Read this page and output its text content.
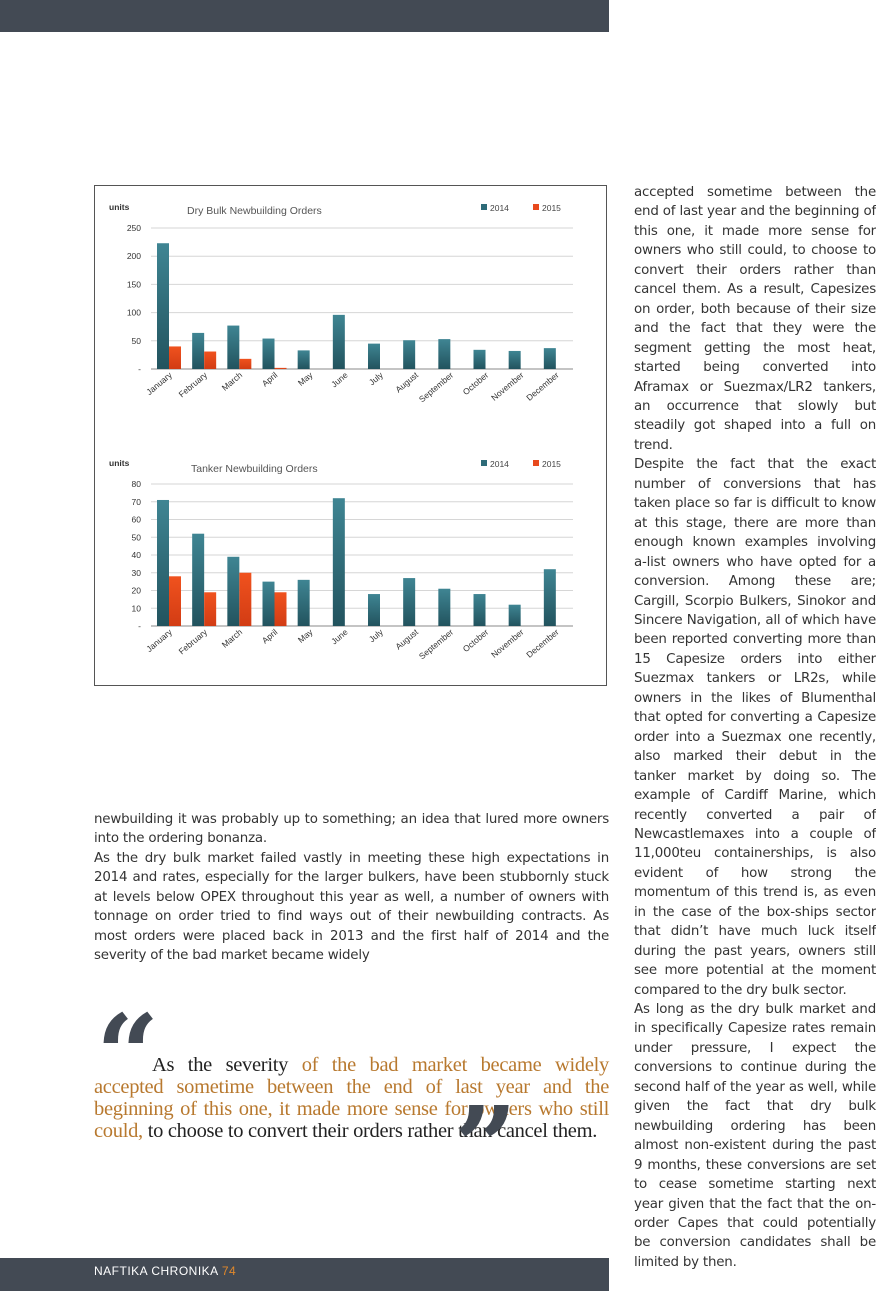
units	Dry Bulk Newbuilding Orders	2014	2015
-
50
100
150
200
250
January February March April May June July August
September October
November
December
units	Tanker Newbuilding Orders	2014	2015
-
10
20
30
40
50
60
70
80
January February March April May June July August
September October
November
December

accepted sometime between the end of last year and the beginning of this one, it made more sense for owners who still could, to choose to convert their orders rather than cancel them. As a result, Capesizes on order, both because of their size and the fact that they were the segment getting the most heat, started being converted into Aframax or Suezmax/LR2 tankers, an occurrence that slowly but steadily got shaped into a full on trend.

Despite the fact that the exact number of conversions that has taken place so far is difficult to know at this stage, there are more than enough known examples involving a-list owners who have opted for a conversion. Among these are; Cargill, Scorpio Bulkers, Sinokor and Sincere Navigation, all of which have been reported converting more than 15 Capesize orders into either Suezmax tankers or LR2s, while owners in the likes of Blumenthal that opted for converting a Capesize order into a Suezmax one recently, also marked their debut in the tanker market by doing so. The example of Cardiff Marine, which recently converted a pair of Newcastlemaxes into a couple of 11,000teu containerships, is also evident of how strong the momentum of this trend is, as even in the case of the box-ships sector that didn’t have much luck itself during the past years, owners still see more potential at the moment compared to the dry bulk sector.

As long as the dry bulk market and in specifically Capesize rates remain under pressure, I expect the conversions to continue during the second half of the year as well, while given the fact that dry bulk newbuilding ordering has been almost non-existent during the past 9 months, these conversions are set to cease sometime starting next year given that the fact that the on-order Capes that could potentially be conversion candidates shall be limited by then.

newbuilding it was probably up to something; an idea that lured more owners into the ordering bonanza.

As the dry bulk market failed vastly in meeting these high expectations in 2014 and rates, especially for the larger bulkers, have been stubbornly stuck at levels below OPEX throughout this year as well, a number of owners with tonnage on order tried to find ways out of their newbuilding contracts. As most orders were placed back in 2013 and the first half of 2014 and the severity of the bad market became widely

“
As the severity of the bad market became widely accepted sometime between the end of last year and the beginning of this one, it made more sense for owners who still could, to choose to convert their orders rather than cancel them.
”
NAFTIKA CHRONIKA 74
